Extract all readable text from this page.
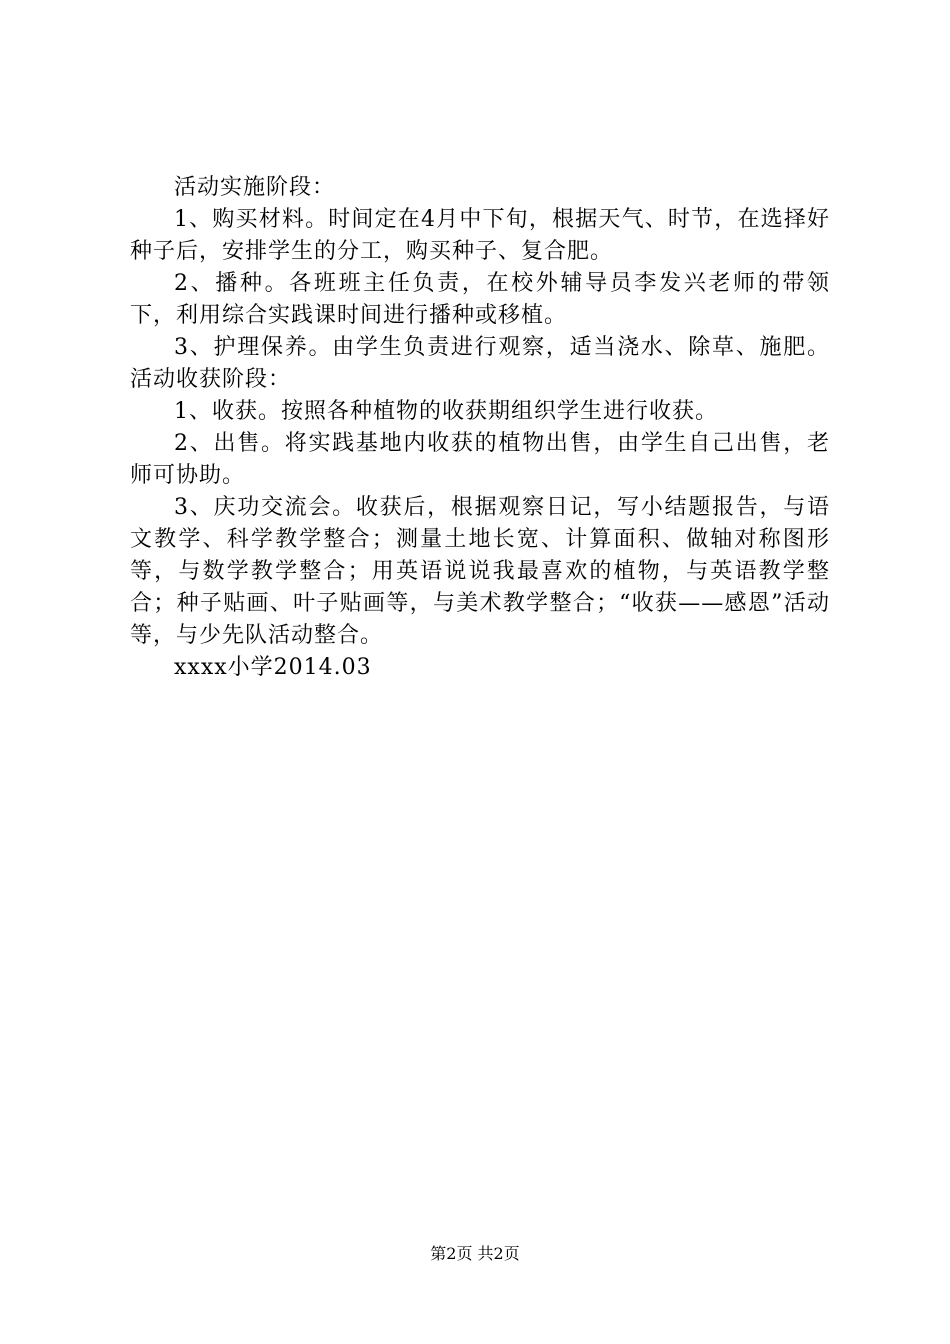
活动实施阶段：

1、购买材料。时间定在4月中下旬，根据天气、时节，在选择好种子后，安排学生的分工，购买种子、复合肥。

2、播种。各班班主任负责，在校外辅导员李发兴老师的带领下，利用综合实践课时间进行播种或移植。

3、护理保养。由学生负责进行观察，适当浇水、除草、施肥。活动收获阶段：

1、收获。按照各种植物的收获期组织学生进行收获。

2、出售。将实践基地内收获的植物出售，由学生自己出售，老师可协助。

3、庆功交流会。收获后，根据观察日记，写小结题报告，与语文教学、科学教学整合；测量土地长宽、计算面积、做轴对称图形等，与数学教学整合；用英语说说我最喜欢的植物，与英语教学整合；种子贴画、叶子贴画等，与美术教学整合；“收获——感恩”活动等，与少先队活动整合。

xxxx小学2014.03

第2页 共2页
